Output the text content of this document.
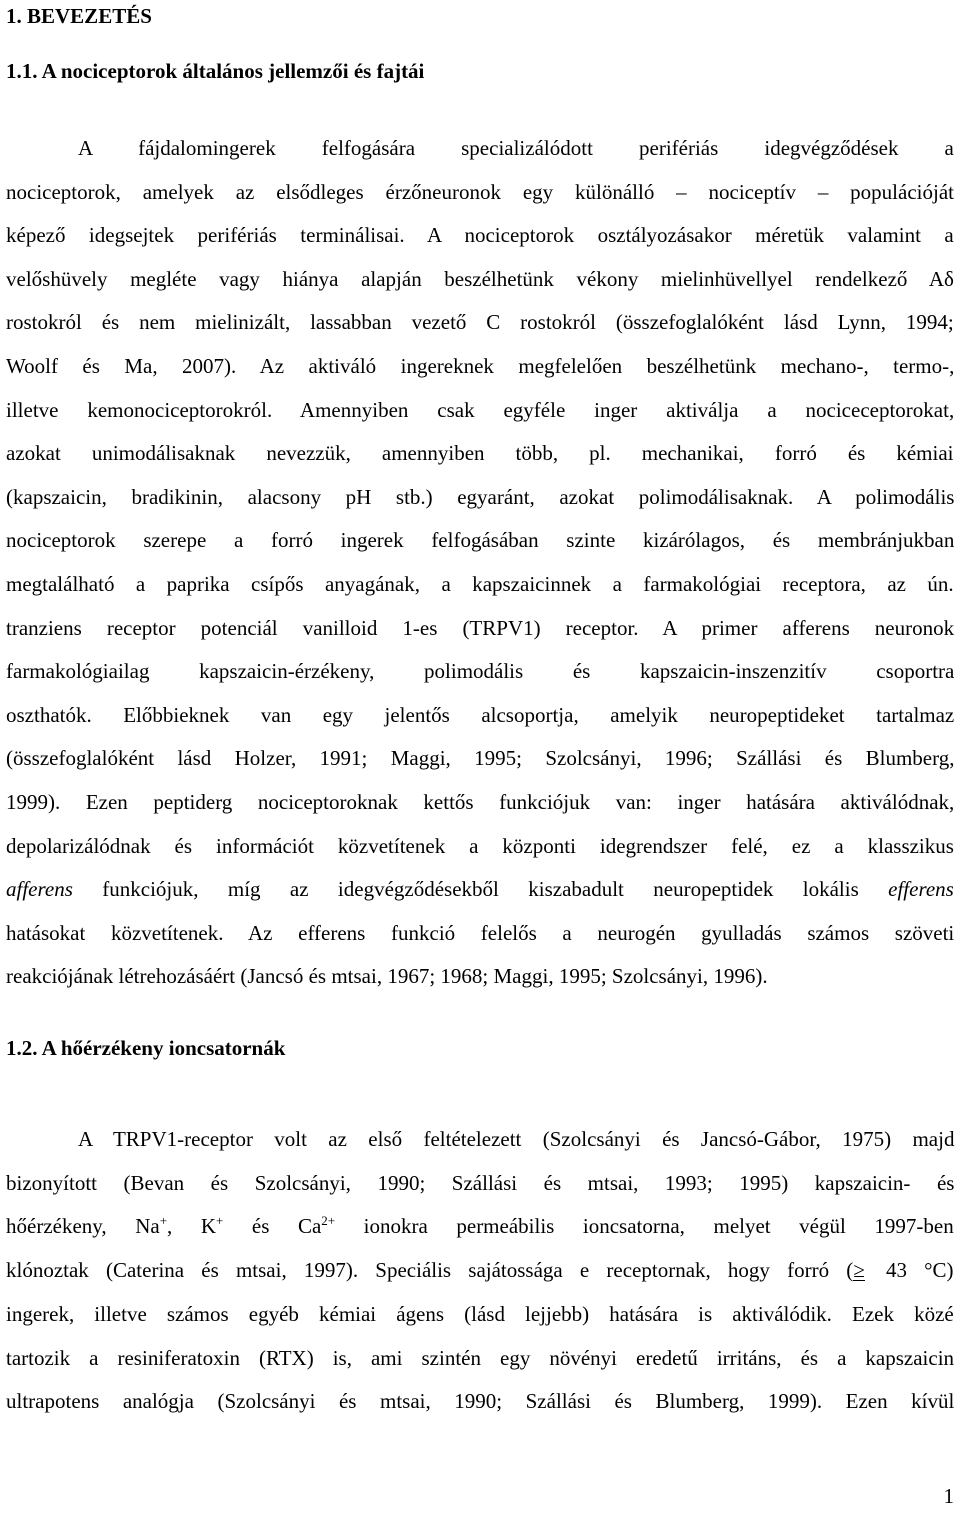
1. BEVEZETÉS
1.1. A nociceptorok általános jellemzői és fajtái
A fájdalomingerek felfogására specializálódott perifériás idegvégződések a
nociceptorok, amelyek az elsődleges érzőneuronok egy különálló – nociceptív – populációját
képező idegsejtek perifériás terminálisai. A nociceptorok osztályozásakor méretük valamint a
velőshüvely megléte vagy hiánya alapján beszélhetünk vékony mielinhüvellyel rendelkező Aδ
rostokról és nem mielinizált, lassabban vezető C rostokról (összefoglalóként lásd Lynn, 1994;
Woolf és Ma, 2007). Az aktiváló ingereknek megfelelően beszélhetünk mechano-, termo-,
illetve kemonociceptorokról. Amennyiben csak egyféle inger aktiválja a nociceceptorokat,
azokat unimodálisaknak nevezzük, amennyiben több, pl. mechanikai, forró és kémiai
(kapszaicin, bradikinin, alacsony pH stb.) egyaránt, azokat polimodálisaknak. A polimodális
nociceptorok szerepe a forró ingerek felfogásában szinte kizárólagos, és membránjukban
megtalálható a paprika csípős anyagának, a kapszaicinnek a farmakológiai receptora, az ún.
tranziens receptor potenciál vanilloid 1-es (TRPV1) receptor. A primer afferens neuronok
farmakológiailag kapszaicin-érzékeny, polimodális és kapszaicin-inszenzitív csoportra
oszthatók. Előbbieknek van egy jelentős alcsoportja, amelyik neuropeptideket tartalmaz
(összefoglalóként lásd Holzer, 1991; Maggi, 1995; Szolcsányi, 1996; Szállási és Blumberg,
1999). Ezen peptiderg nociceptoroknak kettős funkciójuk van: inger hatására aktiválódnak,
depolarizálódnak és információt közvetítenek a központi idegrendszer felé, ez a klasszikus
afferens funkciójuk, míg az idegvégződésekből kiszabadult neuropeptidek lokális efferens
hatásokat közvetítenek. Az efferens funkció felelős a neurogén gyulladás számos szöveti
reakciójának létrehozásáért (Jancsó és mtsai, 1967; 1968; Maggi, 1995; Szolcsányi, 1996).
1.2. A hőérzékeny ioncsatornák
A TRPV1-receptor volt az első feltételezett (Szolcsányi és Jancsó-Gábor, 1975) majd
bizonyított (Bevan és Szolcsányi, 1990; Szállási és mtsai, 1993; 1995) kapszaicin- és
hőérzékeny, Na+, K+ és $Ca^{2+}$ ionokra permeábilis ioncsatorna, melyet végül 1997-ben
klónoztak (Caterina és mtsai, 1997). Speciális sajátossága e receptornak, hogy forró (≥ 43 °C)
ingerek, illetve számos egyéb kémiai ágens (lásd lejjebb) hatására is aktiválódik. Ezek közé
tartozik a resiniferatoxin (RTX) is, ami szintén egy növényi eredetű irritáns, és a kapszaicin
ultrapotens analógja (Szolcsányi és mtsai, 1990; Szállási és Blumberg, 1999). Ezen kívül
1
